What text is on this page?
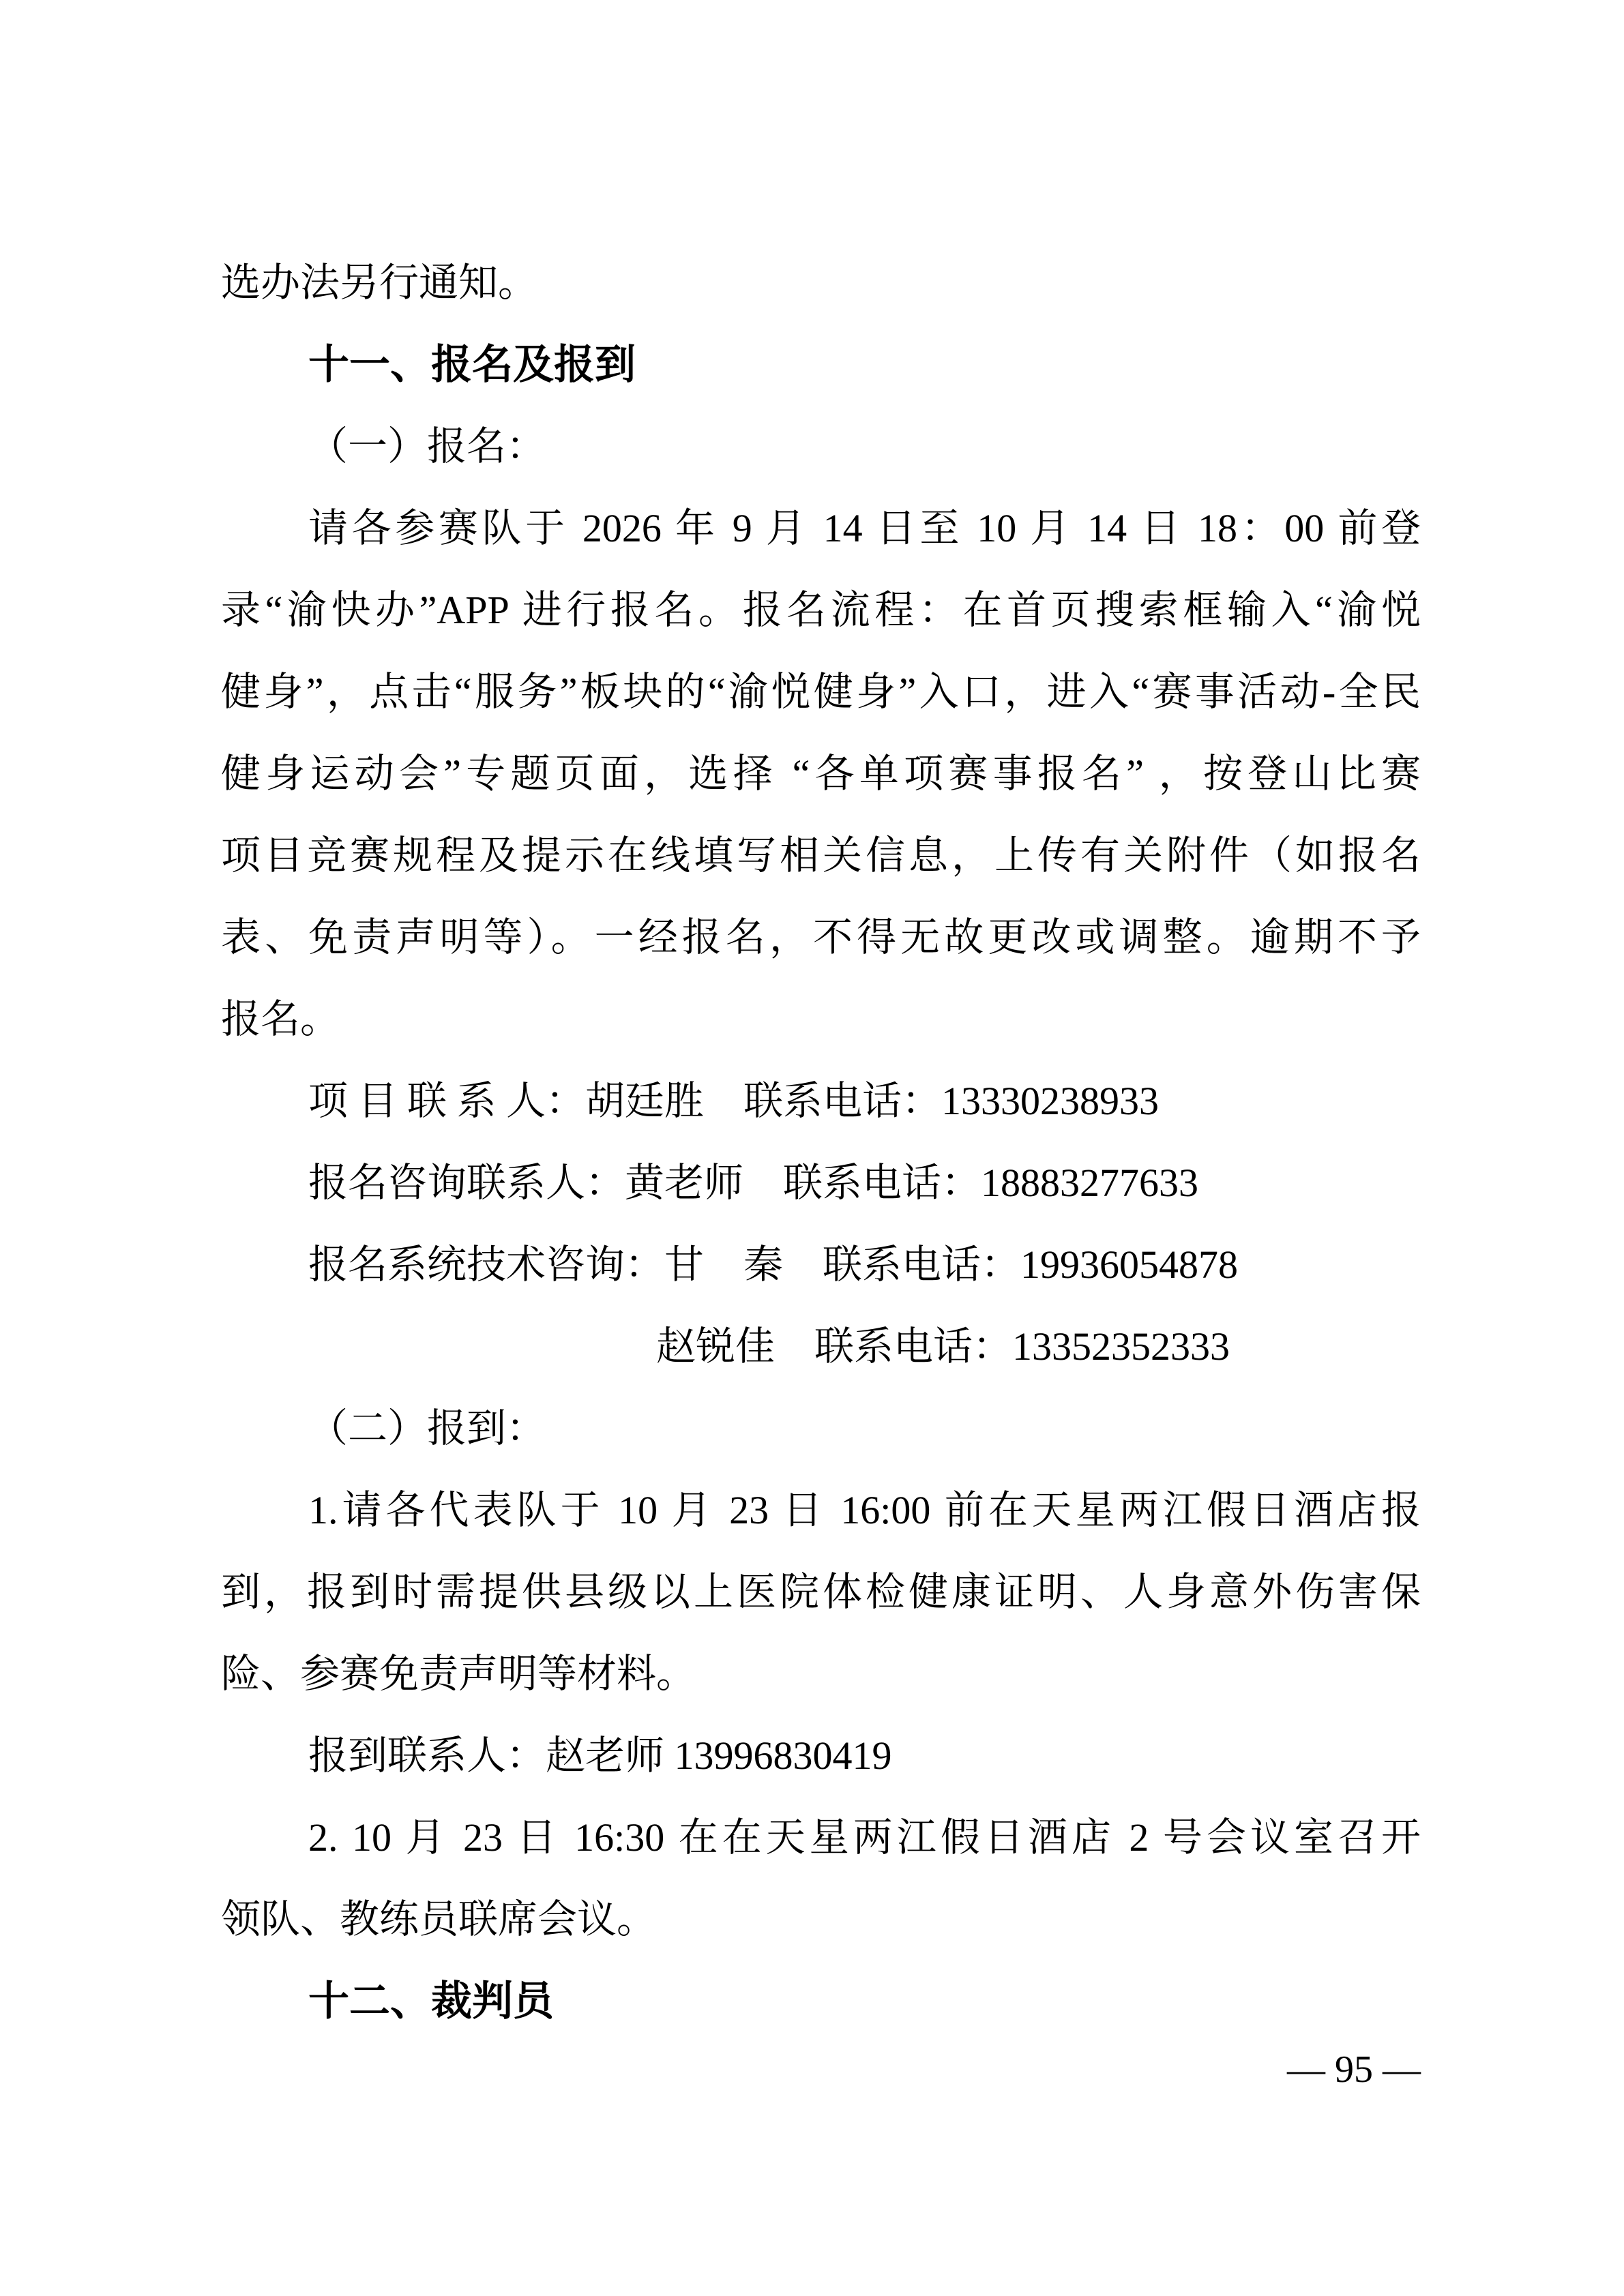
选办法另行通知。
十一、报名及报到
（一）报名：
请各参赛队于 2026 年 9 月 14 日至 10 月 14 日 18：00 前登
录“渝快办”APP 进行报名。报名流程：在首页搜索框输入“渝悦
健身”，点击“服务”板块的“渝悦健身”入口，进入“赛事活动-全民
健身运动会”专题页面，选择 “各单项赛事报名” ，按登山比赛
项目竞赛规程及提示在线填写相关信息，上传有关附件（如报名
表、免责声明等）。一经报名，不得无故更改或调整。逾期不予
报名。
项 目 联 系 人：胡廷胜　联系电话：13330238933
报名咨询联系人：黄老师　联系电话：18883277633
报名系统技术咨询：甘　秦　联系电话：19936054878
赵锐佳　联系电话：13352352333
（二）报到：
1.请各代表队于 10 月 23 日 16:00 前在天星两江假日酒店报
到，报到时需提供县级以上医院体检健康证明、人身意外伤害保
险、参赛免责声明等材料。
报到联系人：赵老师 13996830419
2. 10 月 23 日 16:30 在在天星两江假日酒店 2 号会议室召开
领队、教练员联席会议。
十二、裁判员
— 95 —
